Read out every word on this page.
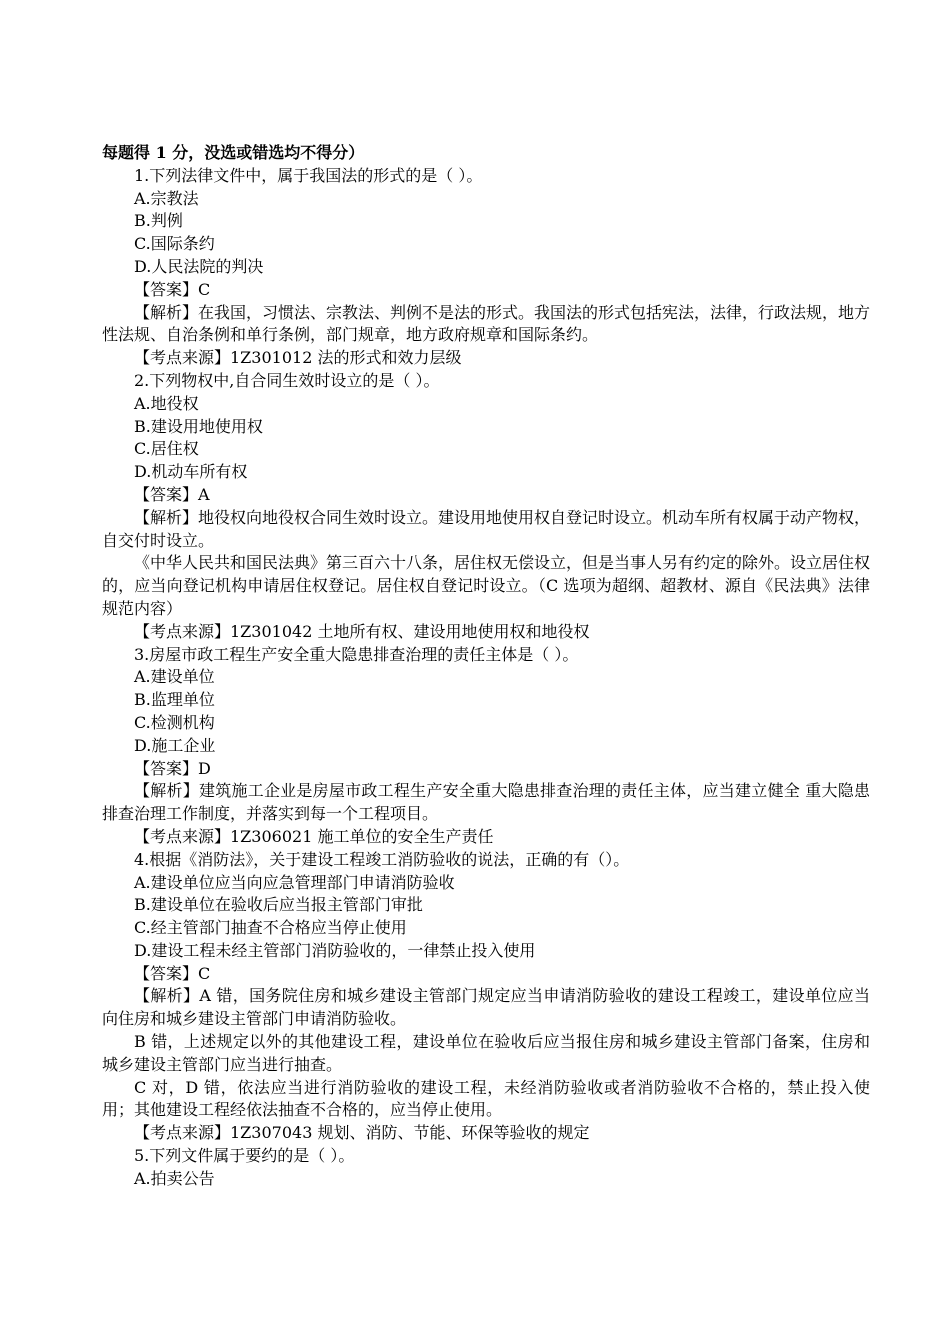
每题得 1 分，没选或错选均不得分）
1.下列法律文件中，属于我国法的形式的是（ ）。
A.宗教法
B.判例
C.国际条约
D.人民法院的判决
【答案】C
【解析】在我国，习惯法、宗教法、判例不是法的形式。我国法的形式包括宪法，法律，行政法规，地方性法规、自治条例和单行条例，部门规章，地方政府规章和国际条约。
【考点来源】1Z301012 法的形式和效力层级
2.下列物权中,自合同生效时设立的是（ ）。
A.地役权
B.建设用地使用权
C.居住权
D.机动车所有权
【答案】A
【解析】地役权向地役权合同生效时设立。建设用地使用权自登记时设立。机动车所有权属于动产物权，自交付时设立。
《中华人民共和国民法典》第三百六十八条，居住权无偿设立，但是当事人另有约定的除外。设立居住权的，应当向登记机构申请居住权登记。居住权自登记时设立。（C 选项为超纲、超教材、源自《民法典》法律规范内容）
【考点来源】1Z301042 土地所有权、建设用地使用权和地役权
3.房屋市政工程生产安全重大隐患排查治理的责任主体是（ ）。
A.建设单位
B.监理单位
C.检测机构
D.施工企业
【答案】D
【解析】建筑施工企业是房屋市政工程生产安全重大隐患排查治理的责任主体，应当建立健全 重大隐患排查治理工作制度，并落实到每一个工程项目。
【考点来源】1Z306021 施工单位的安全生产责任
4.根据《消防法》，关于建设工程竣工消防验收的说法，正确的有（）。
A.建设单位应当向应急管理部门申请消防验收
B.建设单位在验收后应当报主管部门审批
C.经主管部门抽查不合格应当停止使用
D.建设工程未经主管部门消防验收的，一律禁止投入使用
【答案】C
【解析】A 错，国务院住房和城乡建设主管部门规定应当申请消防验收的建设工程竣工，建设单位应当向住房和城乡建设主管部门申请消防验收。
B 错，上述规定以外的其他建设工程，建设单位在验收后应当报住房和城乡建设主管部门备案，住房和城乡建设主管部门应当进行抽查。
C 对，D 错，依法应当进行消防验收的建设工程，未经消防验收或者消防验收不合格的，禁止投入使用；其他建设工程经依法抽查不合格的，应当停止使用。
【考点来源】1Z307043 规划、消防、节能、环保等验收的规定
5.下列文件属于要约的是（ ）。
A.拍卖公告
